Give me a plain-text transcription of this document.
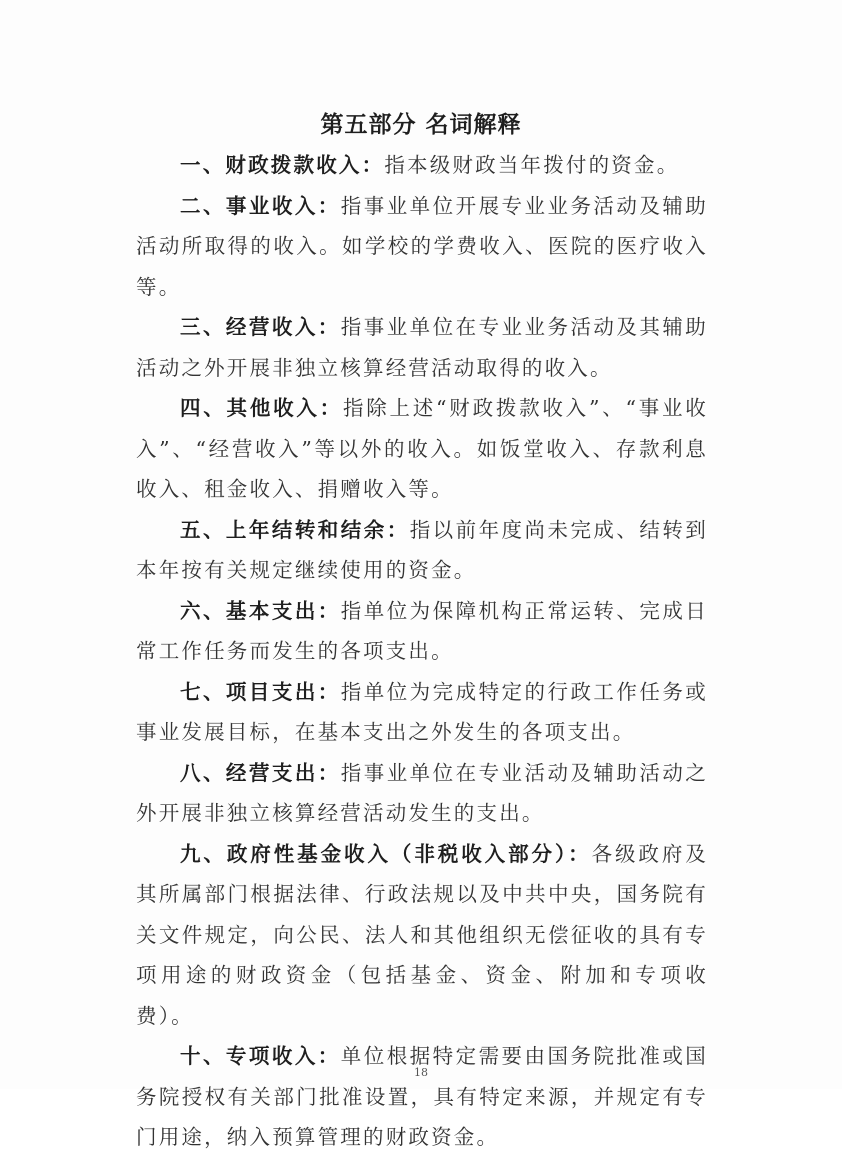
第五部分 名词解释

一、财政拨款收入：指本级财政当年拨付的资金。

二、事业收入：指事业单位开展专业业务活动及辅助活动所取得的收入。如学校的学费收入、医院的医疗收入等。

三、经营收入：指事业单位在专业业务活动及其辅助活动之外开展非独立核算经营活动取得的收入。

四、其他收入：指除上述“财政拨款收入”、“事业收入”、“经营收入”等以外的收入。如饭堂收入、存款利息收入、租金收入、捐赠收入等。

五、上年结转和结余：指以前年度尚未完成、结转到本年按有关规定继续使用的资金。

六、基本支出：指单位为保障机构正常运转、完成日常工作任务而发生的各项支出。

七、项目支出：指单位为完成特定的行政工作任务或事业发展目标，在基本支出之外发生的各项支出。

八、经营支出：指事业单位在专业活动及辅助活动之外开展非独立核算经营活动发生的支出。

九、政府性基金收入（非税收入部分）：各级政府及其所属部门根据法律、行政法规以及中共中央，国务院有关文件规定，向公民、法人和其他组织无偿征收的具有专项用途的财政资金（包括基金、资金、附加和专项收费）。

十、专项收入：单位根据特定需要由国务院批准或国务院授权有关部门批准设置，具有特定来源，并规定有专门用途，纳入预算管理的财政资金。

18
